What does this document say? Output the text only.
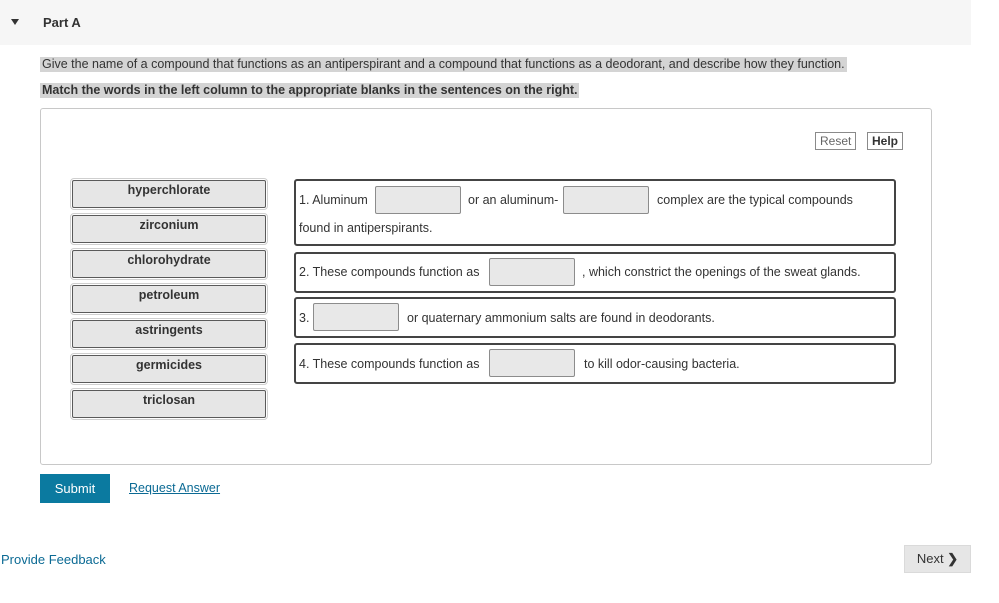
Part A
Give the name of a compound that functions as an antiperspirant and a compound that functions as a deodorant, and describe how they function.
Match the words in the left column to the appropriate blanks in the sentences on the right.
Reset	Help
hyperchlorate
zirconium
chlorohydrate
petroleum
astringents
germicides
triclosan
1. Aluminum	or an aluminum-	complex are the typical compounds
found in antiperspirants.
2. These compounds function as	, which constrict the openings of the sweat glands.
3.	or quaternary ammonium salts are found in deodorants.
4. These compounds function as	to kill odor-causing bacteria.
Submit	Request Answer
Provide Feedback	Next ❯
